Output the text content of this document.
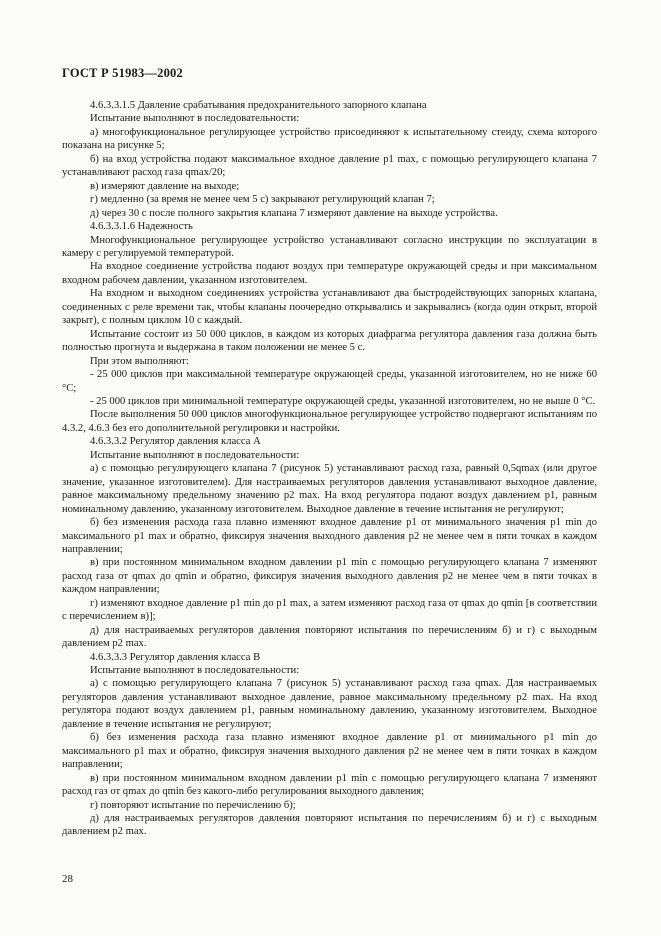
ГОСТ Р 51983—2002

4.6.3.3.1.5 Давление срабатывания предохранительного запорного клапана

Испытание выполняют в последовательности:

а) многофункциональное регулирующее устройство присоединяют к испытательному стенду, схема которого показана на рисунке 5;

б) на вход устройства подают максимальное входное давление p1 max, с помощью регулирующего клапана 7 устанавливают расход газа qmax/20;

в) измеряют давление на выходе;

г) медленно (за время не менее чем 5 с) закрывают регулирующий клапан 7;

д) через 30 с после полного закрытия клапана 7 измеряют давление на выходе устройства.

4.6.3.3.1.6 Надежность

Многофункциональное регулирующее устройство устанавливают согласно инструкции по эксплуатации в камеру с регулируемой температурой.

На входное соединение устройства подают воздух при температуре окружающей среды и при максимальном входном рабочем давлении, указанном изготовителем.

На входном и выходном соединениях устройства устанавливают два быстродействующих запорных клапана, соединенных с реле времени так, чтобы клапаны поочередно открывались и закрывались (когда один открыт, второй закрыт), с полным циклом 10 с каждый.

Испытание состоит из 50 000 циклов, в каждом из которых диафрагма регулятора давления газа должна быть полностью прогнута и выдержана в таком положении не менее 5 с.

При этом выполняют:

- 25 000 циклов при максимальной температуре окружающей среды, указанной изготовителем, но не ниже 60 °С;

- 25 000 циклов при минимальной температуре окружающей среды, указанной изготовителем, но не выше 0 °С.

После выполнения 50 000 циклов многофункциональное регулирующее устройство подвергают испытаниям по 4.3.2, 4.6.3 без его дополнительной регулировки и настройки.

4.6.3.3.2 Регулятор давления класса А

Испытание выполняют в последовательности:

а) с помощью регулирующего клапана 7 (рисунок 5) устанавливают расход газа, равный 0,5qmax (или другое значение, указанное изготовителем). Для настраиваемых регуляторов давления устанавливают выходное давление, равное максимальному предельному значению p2 max. На вход регулятора подают воздух давлением p1, равным номинальному давлению, указанному изготовителем. Выходное давление в течение испытания не регулируют;

б) без изменения расхода газа плавно изменяют входное давление p1 от минимального значения p1 min до максимального p1 max и обратно, фиксируя значения выходного давления p2 не менее чем в пяти точках в каждом направлении;

в) при постоянном минимальном входном давлении p1 min с помощью регулирующего клапана 7 изменяют расход газа от qmax до qmin и обратно, фиксируя значения выходного давления p2 не менее чем в пяти точках в каждом направлении;

г) изменяют входное давление p1 min до p1 max, а затем изменяют расход газа от qmax до qmin [в соответствии с перечислением в)];

д) для настраиваемых регуляторов давления повторяют испытания по перечислениям б) и г) с выходным давлением p2 max.

4.6.3.3.3 Регулятор давления класса В

Испытание выполняют в последовательности:

а) с помощью регулирующего клапана 7 (рисунок 5) устанавливают расход газа qmax. Для настраиваемых регуляторов давления устанавливают выходное давление, равное максимальному предельному p2 max. На вход регулятора подают воздух давлением p1, равным номинальному давлению, указанному изготовителем. Выходное давление в течение испытания не регулируют;

б) без изменения расхода газа плавно изменяют входное давление p1 от минимального p1 min до максимального p1 max и обратно, фиксируя значения выходного давления p2 не менее чем в пяти точках в каждом направлении;

в) при постоянном минимальном входном давлении p1 min с помощью регулирующего клапана 7 изменяют расход газ от qmax до qmin без какого-либо регулирования выходного давления;

г) повторяют испытание по перечислению б);

д) для настраиваемых регуляторов давления повторяют испытания по перечислениям б) и г) с выходным давлением p2 max.

28
